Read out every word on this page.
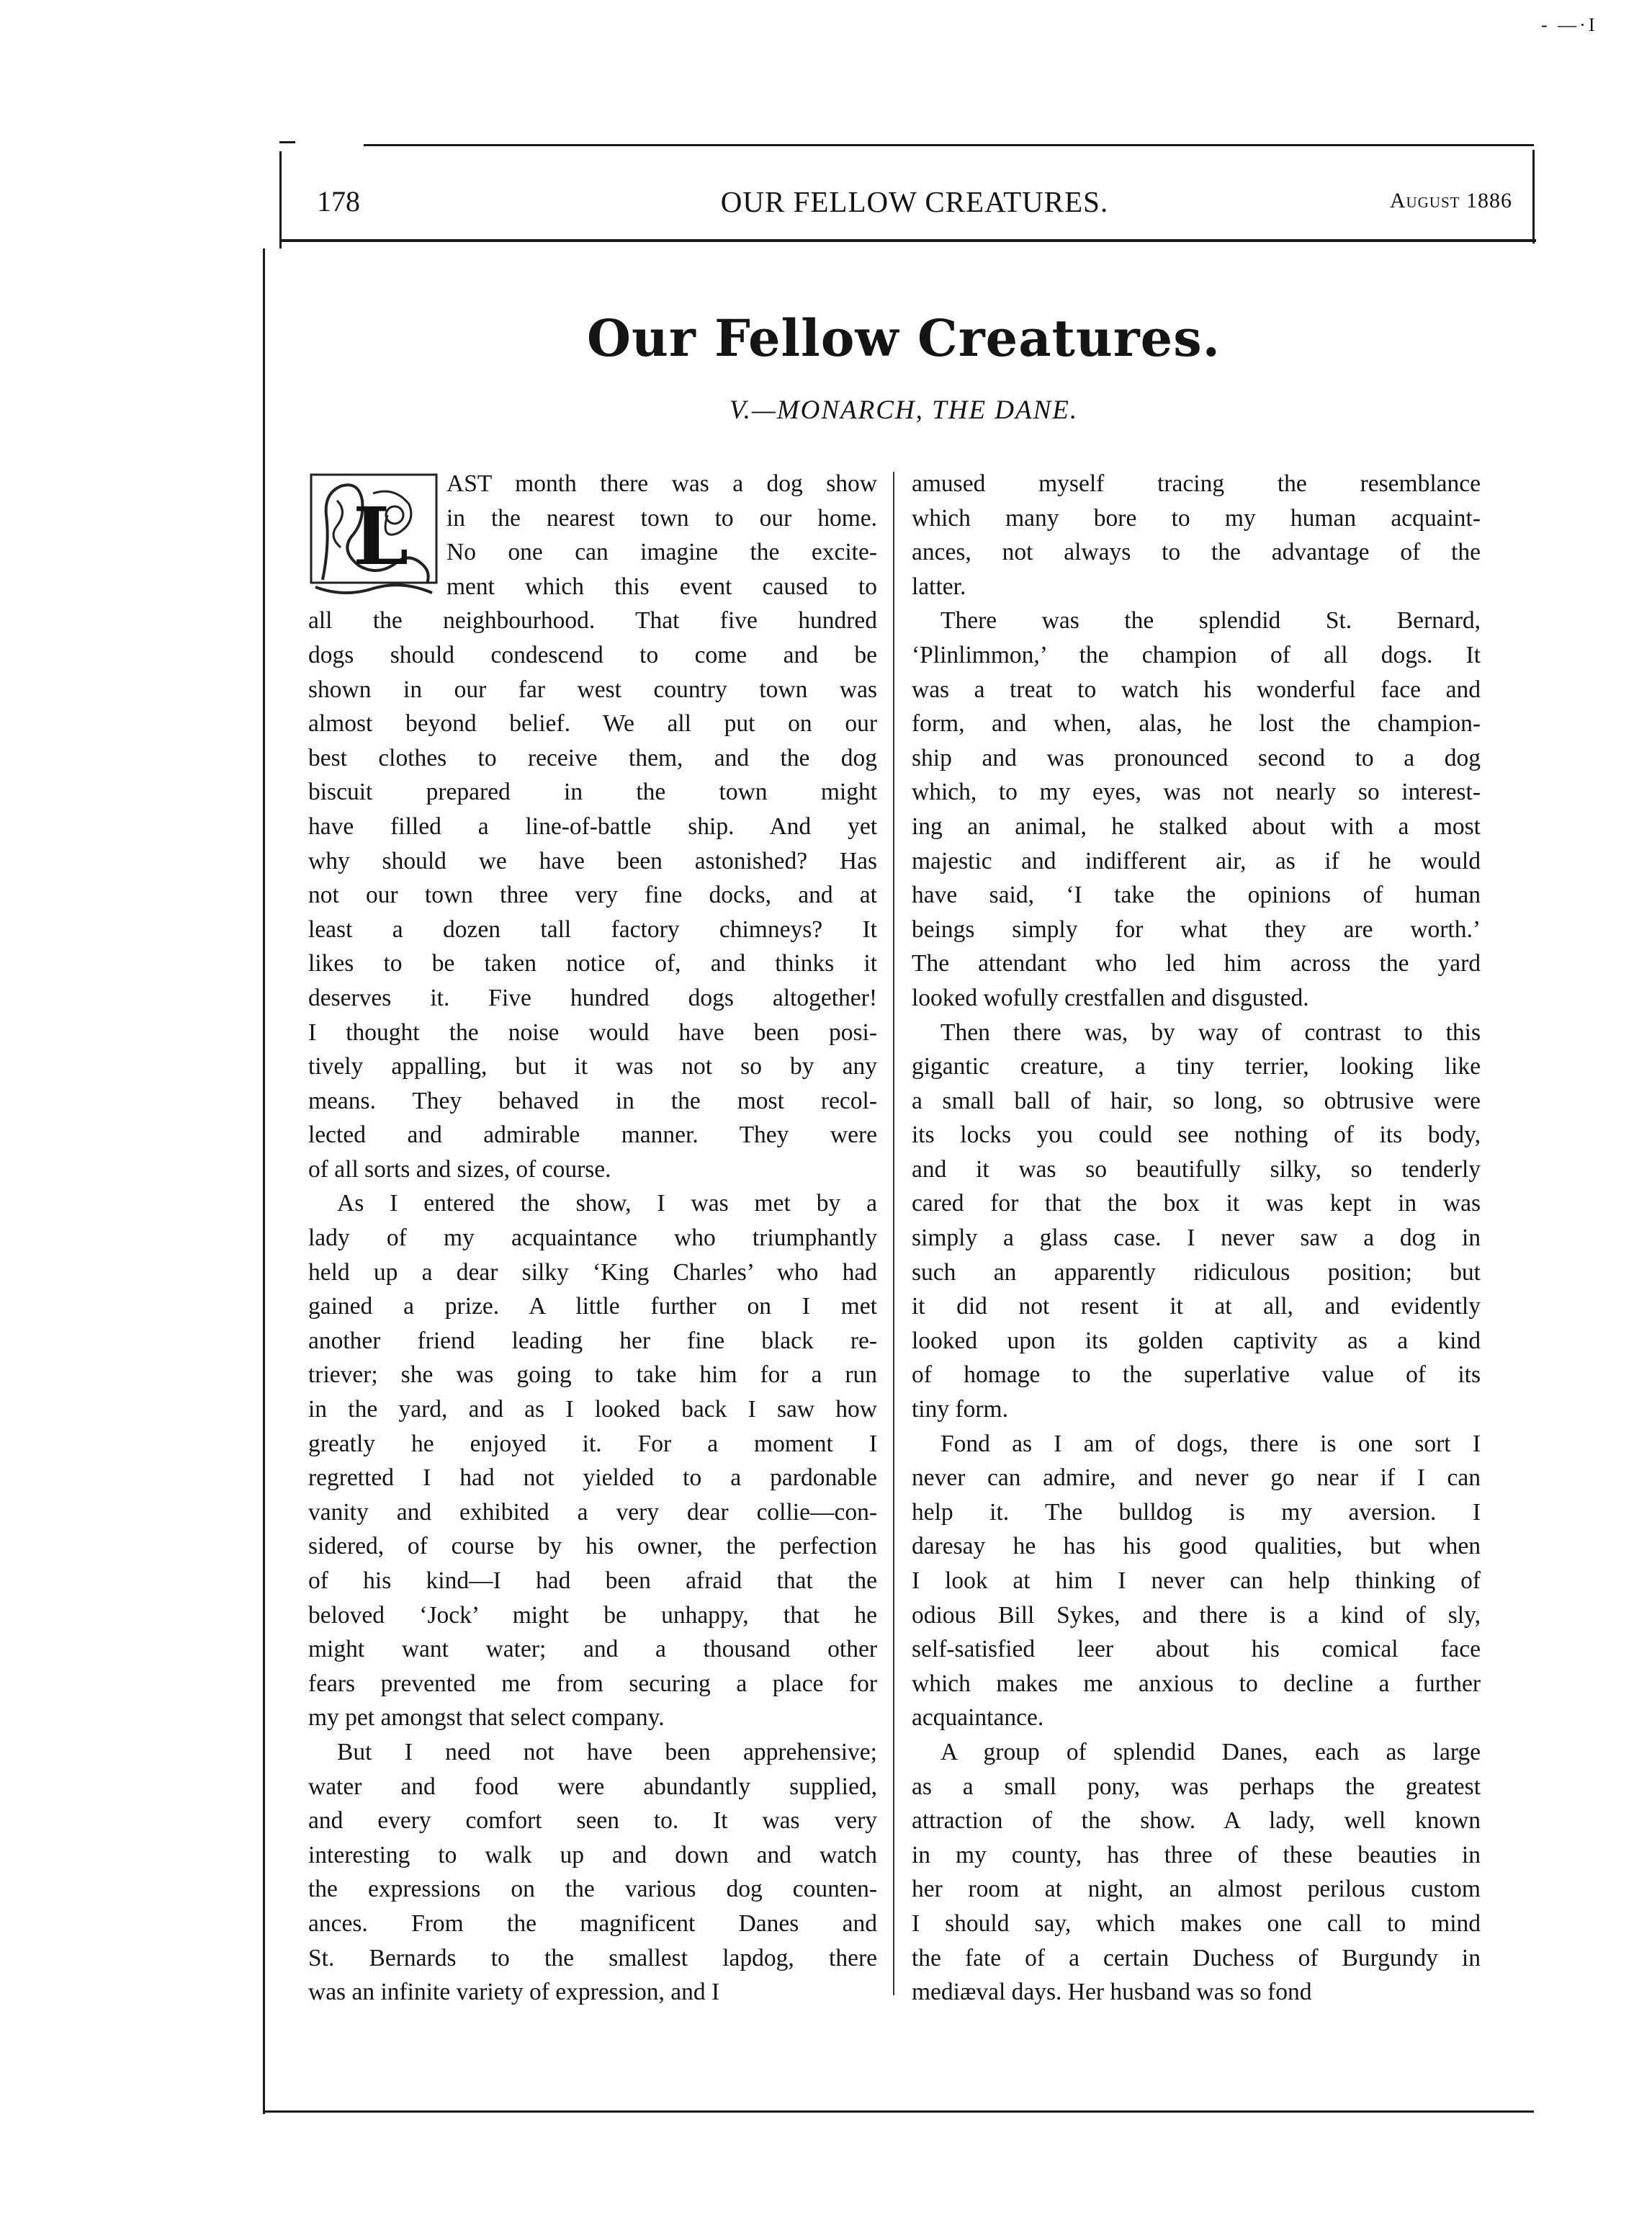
- —·I
178	OUR FELLOW CREATURES.	August 1886
Our Fellow Creatures.
V.—MONARCH, THE DANE.
L
AST month there was a dog show
in the nearest town to our home.
No one can imagine the excite-
ment which this event caused to
all the neighbourhood. That five hundred
dogs should condescend to come and be
shown in our far west country town was
almost beyond belief. We all put on our
best clothes to receive them, and the dog
biscuit prepared in the town might
have filled a line-of-battle ship. And yet
why should we have been astonished? Has
not our town three very fine docks, and at
least a dozen tall factory chimneys? It
likes to be taken notice of, and thinks it
deserves it. Five hundred dogs altogether!
I thought the noise would have been posi-
tively appalling, but it was not so by any
means. They behaved in the most recol-
lected and admirable manner. They were
of all sorts and sizes, of course.
As I entered the show, I was met by a
lady of my acquaintance who triumphantly
held up a dear silky ‘King Charles’ who had
gained a prize. A little further on I met
another friend leading her fine black re-
triever; she was going to take him for a run
in the yard, and as I looked back I saw how
greatly he enjoyed it. For a moment I
regretted I had not yielded to a pardonable
vanity and exhibited a very dear collie—con-
sidered, of course by his owner, the perfection
of his kind—I had been afraid that the
beloved ‘Jock’ might be unhappy, that he
might want water; and a thousand other
fears prevented me from securing a place for
my pet amongst that select company.
But I need not have been apprehensive;
water and food were abundantly supplied,
and every comfort seen to. It was very
interesting to walk up and down and watch
the expressions on the various dog counten-
ances. From the magnificent Danes and
St. Bernards to the smallest lapdog, there
was an infinite variety of expression, and I
amused myself tracing the resemblance
which many bore to my human acquaint-
ances, not always to the advantage of the
latter.
There was the splendid St. Bernard,
‘Plinlimmon,’ the champion of all dogs. It
was a treat to watch his wonderful face and
form, and when, alas, he lost the champion-
ship and was pronounced second to a dog
which, to my eyes, was not nearly so interest-
ing an animal, he stalked about with a most
majestic and indifferent air, as if he would
have said, ‘I take the opinions of human
beings simply for what they are worth.’
The attendant who led him across the yard
looked wofully crestfallen and disgusted.
Then there was, by way of contrast to this
gigantic creature, a tiny terrier, looking like
a small ball of hair, so long, so obtrusive were
its locks you could see nothing of its body,
and it was so beautifully silky, so tenderly
cared for that the box it was kept in was
simply a glass case. I never saw a dog in
such an apparently ridiculous position; but
it did not resent it at all, and evidently
looked upon its golden captivity as a kind
of homage to the superlative value of its
tiny form.
Fond as I am of dogs, there is one sort I
never can admire, and never go near if I can
help it. The bulldog is my aversion. I
daresay he has his good qualities, but when
I look at him I never can help thinking of
odious Bill Sykes, and there is a kind of sly,
self-satisfied leer about his comical face
which makes me anxious to decline a further
acquaintance.
A group of splendid Danes, each as large
as a small pony, was perhaps the greatest
attraction of the show. A lady, well known
in my county, has three of these beauties in
her room at night, an almost perilous custom
I should say, which makes one call to mind
the fate of a certain Duchess of Burgundy in
mediæval days. Her husband was so fond
